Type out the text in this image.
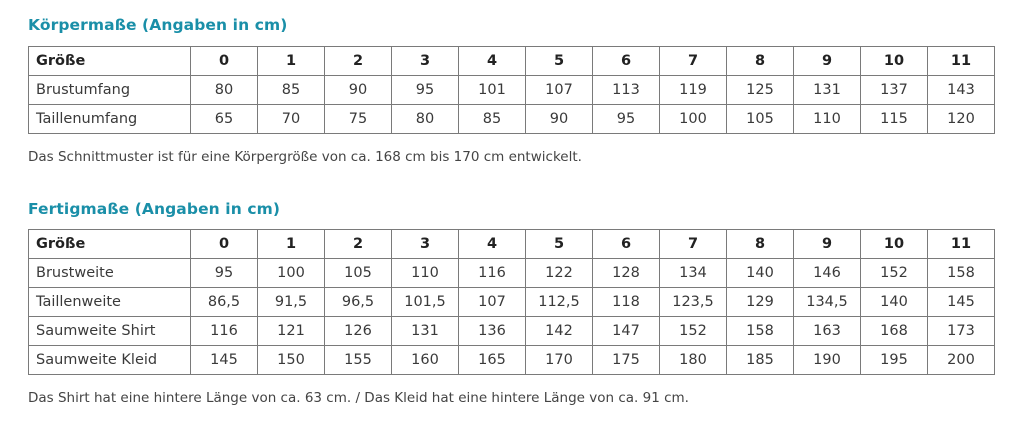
Körpermaße (Angaben in cm)
Größe	0	1	2	3	4	5	6	7	8	9	10	11
Brustumfang	80	85	90	95	101	107	113	119	125	131	137	143
Taillenumfang	65	70	75	80	85	90	95	100	105	110	115	120

Das Schnittmuster ist für eine Körpergröße von ca. 168 cm bis 170 cm entwickelt.

Fertigmaße (Angaben in cm)
Größe	0	1	2	3	4	5	6	7	8	9	10	11
Brustweite	95	100	105	110	116	122	128	134	140	146	152	158
Taillenweite	86,5	91,5	96,5	101,5	107	112,5	118	123,5	129	134,5	140	145
Saumweite Shirt	116	121	126	131	136	142	147	152	158	163	168	173
Saumweite Kleid	145	150	155	160	165	170	175	180	185	190	195	200

Das Shirt hat eine hintere Länge von ca. 63 cm. / Das Kleid hat eine hintere Länge von ca. 91 cm.
